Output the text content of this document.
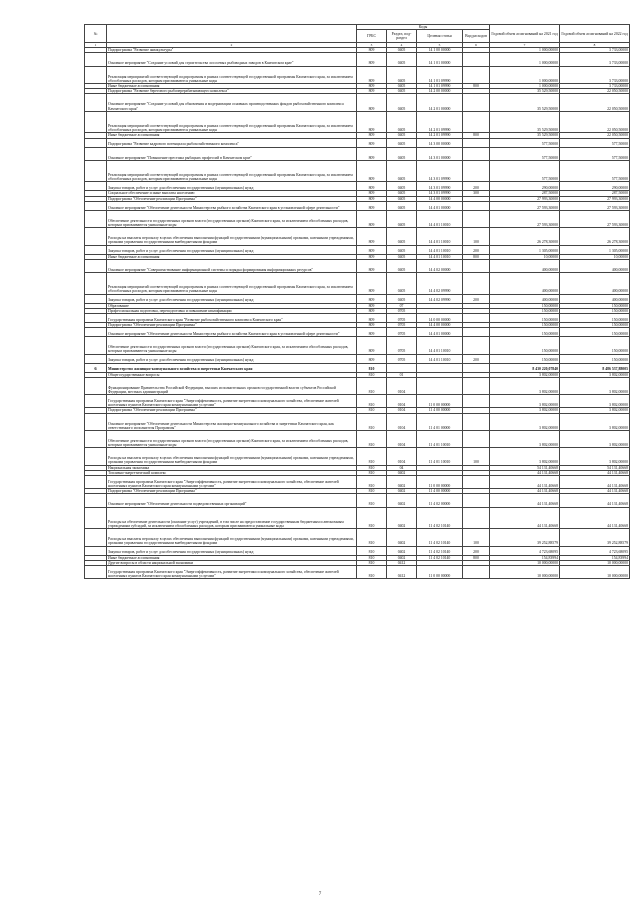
№		Коды				Годовой объем ассигнований на 2021 год	Годовой объем ассигнований на 2022 год
		ГРБС	Раздел, под-раздел	Целевая статья	Вид расходов		
1	2	3	4	5	6	7	8
	Подпрограмма "Развитие аквакультуры"	809	0405	14 1 00 00000		1 000,00000	3 733,00000
	Основное мероприятие "Создание условий для строительства лососевых рыбоводных заводов в Камчатском крае"	809	0405	14 1 01 00000		1 000,00000	3 733,00000
	Реализация мероприятий соответствующей подпрограммы в рамках соответствующей государственной программы Камчатского края, за исключением обособленных расходов, которым присваиваются уникальные коды	809	0405	14 1 01 09990		1 000,00000	3 733,00000
	Иные бюджетные ассигнования	809	0405	14 1 01 09990	800	1 000,00000	3 733,00000
	Подпрограмма "Развитие берегового рыбоперерабатывающего комплекса"	809	0405	14 2 00 00000		35 529,50000	22 050,50000
	Основное мероприятие "Создание условий для обновления и модернизации основных производственных фондов рыбохозяйственного комплекса Камчатского края"	809	0405	14 2 01 00000		35 529,50000	22 050,50000
	Реализация мероприятий соответствующей подпрограммы в рамках соответствующей государственной программы Камчатского края, за исключением обособленных расходов, которым присваиваются уникальные коды	809	0405	14 2 01 09990		35 529,50000	22 050,50000
	Иные бюджетные ассигнования	809	0405	14 2 01 09990	800	35 529,50000	22 050,50000
	Подпрограмма "Развитие кадрового потенциала рыбохозяйственного комплекса"	809	0405	14 3 00 00000		577,50000	577,50000
	Основное мероприятие "Повышение престижа рыбацких профессий в Камчатском крае"	809	0405	14 3 01 00000		577,50000	577,50000
	Реализация мероприятий соответствующей подпрограммы в рамках соответствующей государственной программы Камчатского края, за исключением обособленных расходов, которым присваиваются уникальные коды	809	0405	14 3 01 09990		577,50000	577,50000
	Закупка товаров, работ и услуг для обеспечения государственных (муниципальных) нужд	809	0405	14 3 01 09990	200	290,00000	290,00000
	Социальное обеспечение и иные выплаты населению	809	0405	14 3 01 09990	300	287,50000	287,50000
	Подпрограмма "Обеспечение реализации Программы"	809	0405	14 4 00 00000		27 993,30000	27 993,30000
	Основное мероприятие "Обеспечение деятельности Министерства рыбного хозяйства Камчатского края в установленной сфере деятельности"	809	0405	14 4 01 00000		27 593,30000	27 593,30000
	Обеспечение деятельности государственных органов власти (государственных органов) Камчатского края, за исключением обособленных расходов, которым присваиваются уникальные коды	809	0405	14 4 01 10010		27 593,30000	27 593,30000
	Расходы на выплаты персоналу в целях обеспечения выполнения функций государственными (муниципальными) органами, казенными учреждениями, органами управления государственными внебюджетными фондами	809	0405	14 4 01 10010	100	26 278,30000	26 278,30000
	Закупка товаров, работ и услуг для обеспечения государственных (муниципальных) нужд	809	0405	14 4 01 10010	200	1 305,00000	1 305,00000
	Иные бюджетные ассигнования	809	0405	14 4 01 10010	800	10,00000	10,00000
	Основное мероприятие "Совершенствование информационной системы и порядка формирования информационных ресурсов"	809	0405	14 4 02 00000		400,00000	400,00000
	Реализация мероприятий соответствующей подпрограммы в рамках соответствующей государственной программы Камчатского края, за исключением обособленных расходов, которым присваиваются уникальные коды	809	0405	14 4 02 09990		400,00000	400,00000
	Закупка товаров, работ и услуг для обеспечения государственных (муниципальных) нужд	809	0405	14 4 02 09990	200	400,00000	400,00000
	Образование	809	07			150,00000	150,00000
	Профессиональная подготовка, переподготовка и повышение квалификации	809	0705			150,00000	150,00000
	Государственная программа Камчатского края "Развитие рыбохозяйственного комплекса Камчатского края"	809	0705	14 0 00 00000		150,00000	150,00000
	Подпрограмма "Обеспечение реализации Программы"	809	0705	14 4 00 00000		150,00000	150,00000
	Основное мероприятие "Обеспечение деятельности Министерства рыбного хозяйства Камчатского края в установленной сфере деятельности"	809	0705	14 4 01 00000		150,00000	150,00000
	Обеспечение деятельности государственных органов власти (государственных органов) Камчатского края, за исключением обособленных расходов, которым присваиваются уникальные коды	809	0705	14 4 01 10010		150,00000	150,00000
	Закупка товаров, работ и услуг для обеспечения государственных (муниципальных) нужд	809	0705	14 4 01 10010	200	150,00000	150,00000
6	Министерство жилищно-коммунального хозяйства и энергетики Камчатского края	810				8 430 220,07840	8 486 537,88005
	Общегосударственные вопросы	810	01			3 802,00000	3 802,00000
	Функционирование Правительства Российской Федерации, высших исполнительных органов государственной власти субъектов Российской Федерации, местных администраций	810	0104			3 802,00000	3 802,00000
	Государственная программа Камчатского края "Энергоэффективность, развитие энергетики и коммунального хозяйства, обеспечение жителей населенных пунктов Камчатского края коммунальными услугами"	810	0104	11 0 00 00000		3 802,00000	3 802,00000
	Подпрограмма "Обеспечение реализации Программы"	810	0104	11 4 00 00000		3 802,00000	3 802,00000
	Основное мероприятие "Обеспечение деятельности Министерства жилищно-коммунального хозяйства и энергетики Камчатского края, как ответственного исполнителя Программы"	810	0104	11 4 01 00000		3 802,00000	3 802,00000
	Обеспечение деятельности государственных органов власти (государственных органов) Камчатского края, за исключением обособленных расходов, которым присваиваются уникальные коды	810	0104	11 4 01 10010		3 802,00000	3 802,00000
	Расходы на выплаты персоналу в целях обеспечения выполнения функций государственными (муниципальными) органами, казенными учреждениями, органами управления государственными внебюджетными фондами	810	0104	11 4 01 10010	100	3 802,00000	3 802,00000
	Национальная экономика	810	04			54 131,40668	54 131,40668
	Топливно-энергетический комплекс	810	0402			44 131,40668	44 131,40668
	Государственная программа Камчатского края "Энергоэффективность, развитие энергетики и коммунального хозяйства, обеспечение жителей населенных пунктов Камчатского края коммунальными услугами"	810	0402	11 0 00 00000		44 131,40668	44 131,40668
	Подпрограмма "Обеспечение реализации Программы"	810	0402	11 4 00 00000		44 131,40668	44 131,40668
	Основное мероприятие "Обеспечение деятельности подведомственных организаций"	810	0402	11 4 02 00000		44 131,40668	44 131,40668
	Расходы на обеспечение деятельности (оказание услуг) учреждений, в том числе на предоставление государственным бюджетным и автономным учреждениям субсидий, за исключением обособленных расходов, которым присваиваются уникальные коды	810	0402	11 4 02 10140		44 131,40668	44 131,40668
	Расходы на выплаты персоналу в целях обеспечения выполнения функций государственными (муниципальными) органами, казенными учреждениями, органами управления государственными внебюджетными фондами	810	0402	11 4 02 10140	100	39 252,88579	39 252,88579
	Закупка товаров, работ и услуг для обеспечения государственных (муниципальных) нужд	810	0402	11 4 02 10140	200	4 723,68095	4 723,68095
	Иные бюджетные ассигнования	810	0402	11 4 02 10140	800	154,83994	154,83994
	Другие вопросы в области национальной экономики	810	0412			10 000,00000	10 000,00000
	Государственная программа Камчатского края "Энергоэффективность, развитие энергетики и коммунального хозяйства, обеспечение жителей населенных пунктов Камчатского края коммунальными услугами"	810	0412	11 0 00 00000		10 000,00000	10 000,00000
7
